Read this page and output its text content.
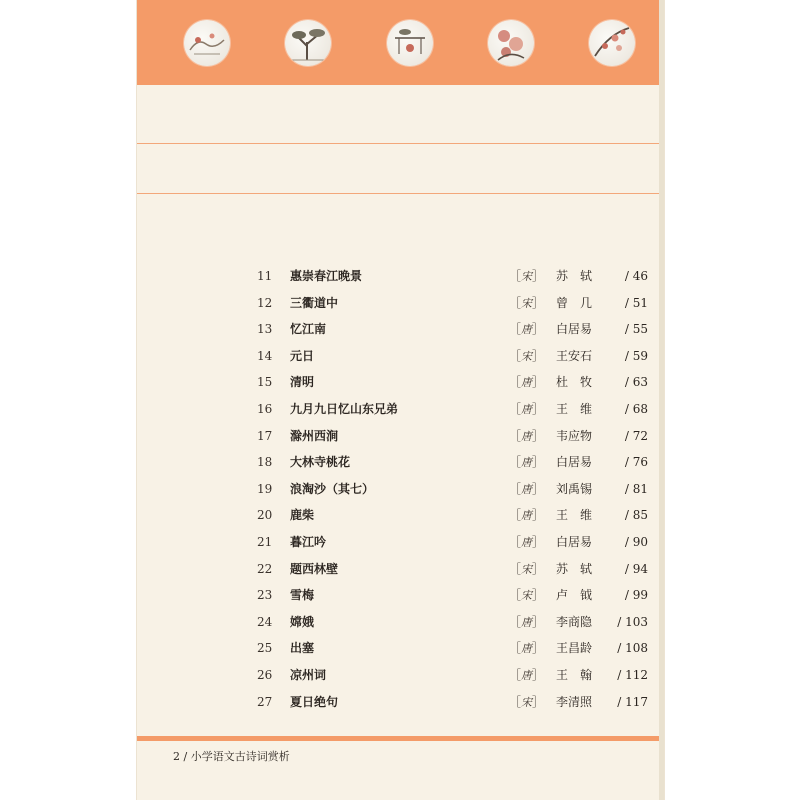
11	惠崇春江晚景	［宋］ 苏　轼	/ 46
12	三衢道中	［宋］ 曾　几	/ 51
13	忆江南	［唐］ 白居易	/ 55
14	元日	［宋］ 王安石	/ 59
15	清明	［唐］ 杜　牧	/ 63
16	九月九日忆山东兄弟	［唐］ 王　维	/ 68
17	滁州西涧	［唐］ 韦应物	/ 72
18	大林寺桃花	［唐］ 白居易	/ 76
19	浪淘沙（其七）	［唐］ 刘禹锡	/ 81
20	鹿柴	［唐］ 王　维	/ 85
21	暮江吟	［唐］ 白居易	/ 90
22	题西林壁	［宋］ 苏　轼	/ 94
23	雪梅	［宋］ 卢　钺	/ 99
24	嫦娥	［唐］ 李商隐	/ 103
25	出塞	［唐］ 王昌龄	/ 108
26	凉州词	［唐］ 王　翰	/ 112
27	夏日绝句	［宋］ 李清照	/ 117
2 / 小学语文古诗词赏析
